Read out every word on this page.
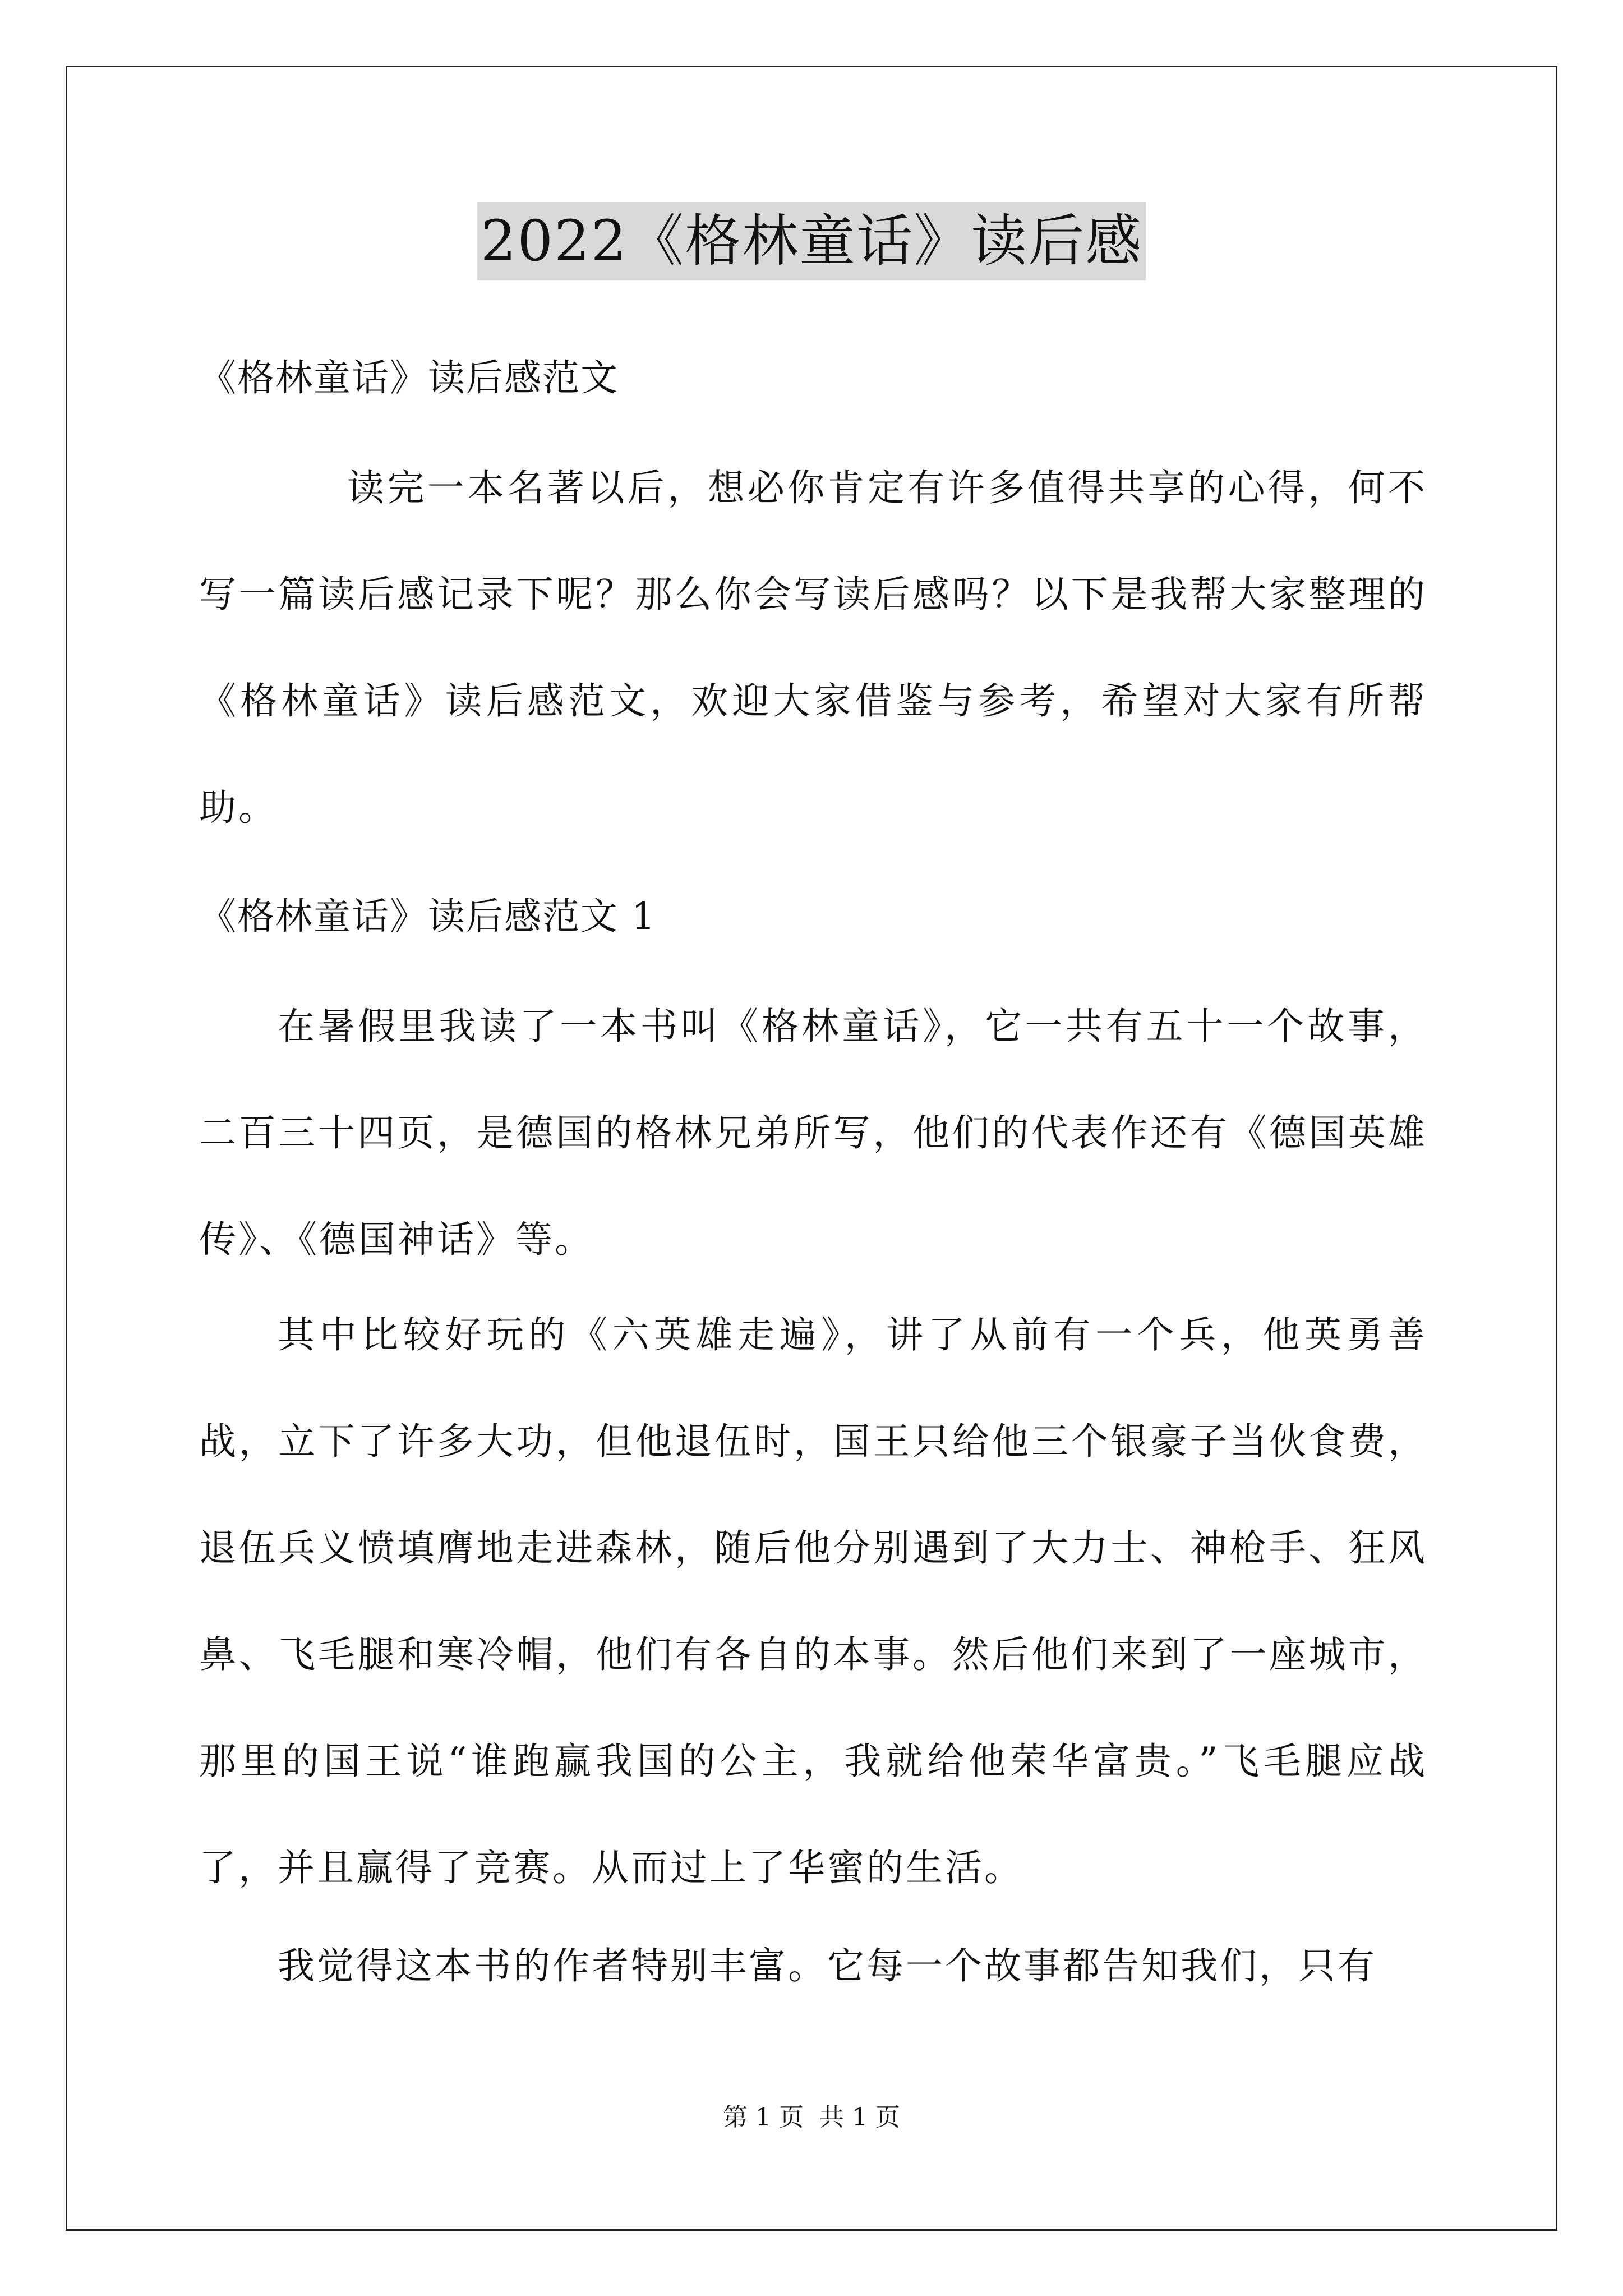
2022《格林童话》读后感

《格林童话》读后感范文

读完一本名著以后，想必你肯定有许多值得共享的心得，何不写一篇读后感记录下呢？那么你会写读后感吗？以下是我帮大家整理的《格林童话》读后感范文，欢迎大家借鉴与参考，希望对大家有所帮助。

《格林童话》读后感范文 1

在暑假里我读了一本书叫《格林童话》，它一共有五十一个故事，二百三十四页，是德国的格林兄弟所写，他们的代表作还有《德国英雄传》、《德国神话》等。

其中比较好玩的《六英雄走遍》，讲了从前有一个兵，他英勇善战，立下了许多大功，但他退伍时，国王只给他三个银豪子当伙食费，退伍兵义愤填膺地走进森林，随后他分别遇到了大力士、神枪手、狂风鼻、飞毛腿和寒冷帽，他们有各自的本事。然后他们来到了一座城市，那里的国王说“谁跑赢我国的公主，我就给他荣华富贵。”飞毛腿应战了，并且赢得了竞赛。从而过上了华蜜的生活。

我觉得这本书的作者特别丰富。它每一个故事都告知我们，只有

第 1 页 共 1 页
